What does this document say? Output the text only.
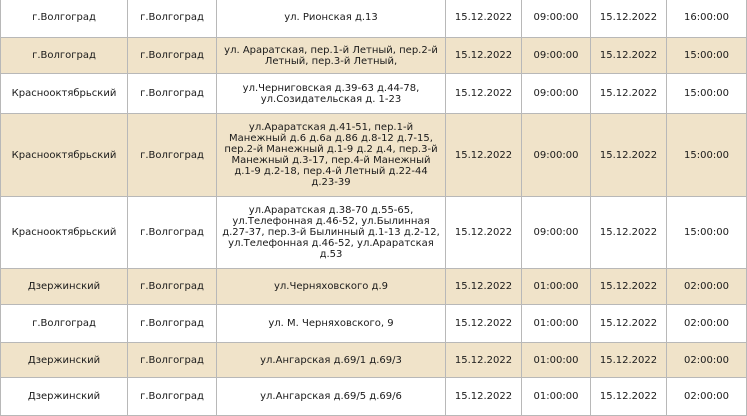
г.Волгоград	г.Волгоград	ул. Рионская д.13	15.12.2022	09:00:00	15.12.2022	16:00:00
г.Волгоград	г.Волгоград	ул. Араратская, пер.1-й Летный, пер.2-й Летный, пер.3-й Летный,	15.12.2022	09:00:00	15.12.2022	15:00:00
Краснооктябрьский	г.Волгоград	ул.Черниговская д.39-63 д.44-78, ул.Созидательская д. 1-23	15.12.2022	09:00:00	15.12.2022	15:00:00
Краснооктябрьский	г.Волгоград	ул.Араратская д.41-51, пер.1-й Манежный д.6 д.6а д.86 д.8-12 д.7-15, пер.2-й Манежный д.1-9 д.2 д.4, пер.3-й Манежный д.3-17, пер.4-й Манежный д.1-9 д.2-18, пер.4-й Летный д.22-44 д.23-39	15.12.2022	09:00:00	15.12.2022	15:00:00
Краснооктябрьский	г.Волгоград	ул.Араратская д.38-70 д.55-65, ул.Телефонная д.46-52, ул.Былинная д.27-37, пер.3-й Былинный д.1-13 д.2-12, ул.Телефонная д.46-52, ул.Араратская д.53	15.12.2022	09:00:00	15.12.2022	15:00:00
Дзержинский	г.Волгоград	ул.Черняховского д.9	15.12.2022	01:00:00	15.12.2022	02:00:00
г.Волгоград	г.Волгоград	ул. М. Черняховского, 9	15.12.2022	01:00:00	15.12.2022	02:00:00
Дзержинский	г.Волгоград	ул.Ангарская д.69/1 д.69/3	15.12.2022	01:00:00	15.12.2022	02:00:00
Дзержинский	г.Волгоград	ул.Ангарская д.69/5 д.69/6	15.12.2022	01:00:00	15.12.2022	02:00:00
